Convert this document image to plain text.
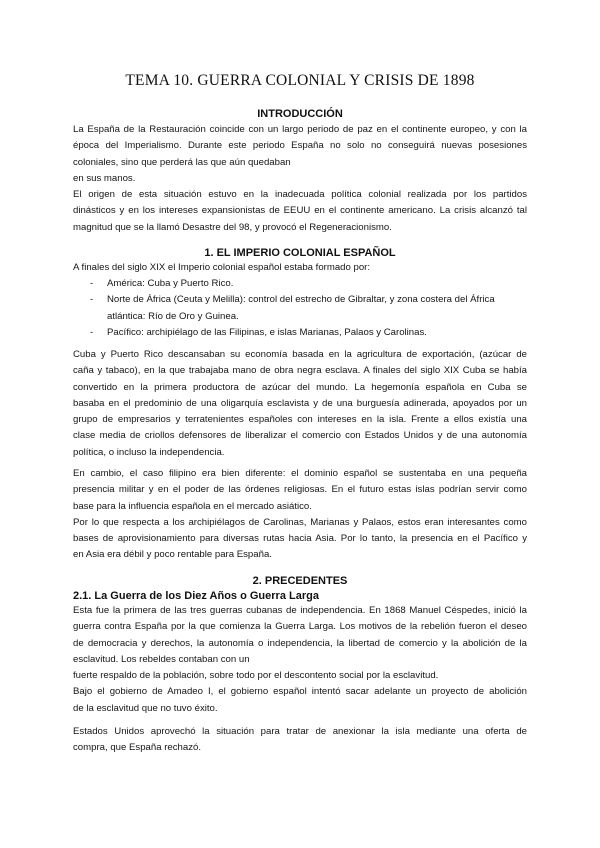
TEMA 10. GUERRA COLONIAL Y CRISIS DE 1898
INTRODUCCIÓN
La España de la Restauración coincide con un largo periodo de paz en el continente europeo, y con la
época del Imperialismo. Durante este periodo España no solo no conseguirá nuevas posesiones
coloniales, sino que perderá las que aún quedaban
en sus manos.
El origen de esta situación estuvo en la inadecuada política colonial realizada por los partidos
dinásticos y en los intereses expansionistas de EEUU en el continente americano. La crisis alcanzó tal
magnitud que se la llamó Desastre del 98, y provocó el Regeneracionismo.
1. EL IMPERIO COLONIAL ESPAÑOL
A finales del siglo XIX el Imperio colonial español estaba formado por:
- América: Cuba y Puerto Rico.
- Norte de África (Ceuta y Melilla): control del estrecho de Gibraltar, y zona costera del África
atlántica: Río de Oro y Guinea.
- Pacífico: archipiélago de las Filipinas, e islas Marianas, Palaos y Carolinas.
Cuba y Puerto Rico descansaban su economía basada en la agricultura de exportación, (azúcar de
caña y tabaco), en la que trabajaba mano de obra negra esclava. A finales del siglo XIX Cuba se había
convertido en la primera productora de azúcar del mundo. La hegemonía española en Cuba se
basaba en el predominio de una oligarquía esclavista y de una burguesía adinerada, apoyados por un
grupo de empresarios y terratenientes españoles con intereses en la isla. Frente a ellos existía una
clase media de criollos defensores de liberalizar el comercio con Estados Unidos y de una autonomía
política, o incluso la independencia.
En cambio, el caso filipino era bien diferente: el dominio español se sustentaba en una pequeña
presencia militar y en el poder de las órdenes religiosas. En el futuro estas islas podrían servir como
base para la influencia española en el mercado asiático.
Por lo que respecta a los archipiélagos de Carolinas, Marianas y Palaos, estos eran interesantes como
bases de aprovisionamiento para diversas rutas hacia Asia. Por lo tanto, la presencia en el Pacífico y
en Asia era débil y poco rentable para España.
2. PRECEDENTES
2.1. La Guerra de los Diez Años o Guerra Larga
Esta fue la primera de las tres guerras cubanas de independencia. En 1868 Manuel Céspedes, inició la
guerra contra España por la que comienza la Guerra Larga. Los motivos de la rebelión fueron el deseo
de democracia y derechos, la autonomía o independencia, la libertad de comercio y la abolición de la
esclavitud. Los rebeldes contaban con un
fuerte respaldo de la población, sobre todo por el descontento social por la esclavitud.
Bajo el gobierno de Amadeo I, el gobierno español intentó sacar adelante un proyecto de abolición
de la esclavitud que no tuvo éxito.
Estados Unidos aprovechó la situación para tratar de anexionar la isla mediante una oferta de
compra, que España rechazó.
